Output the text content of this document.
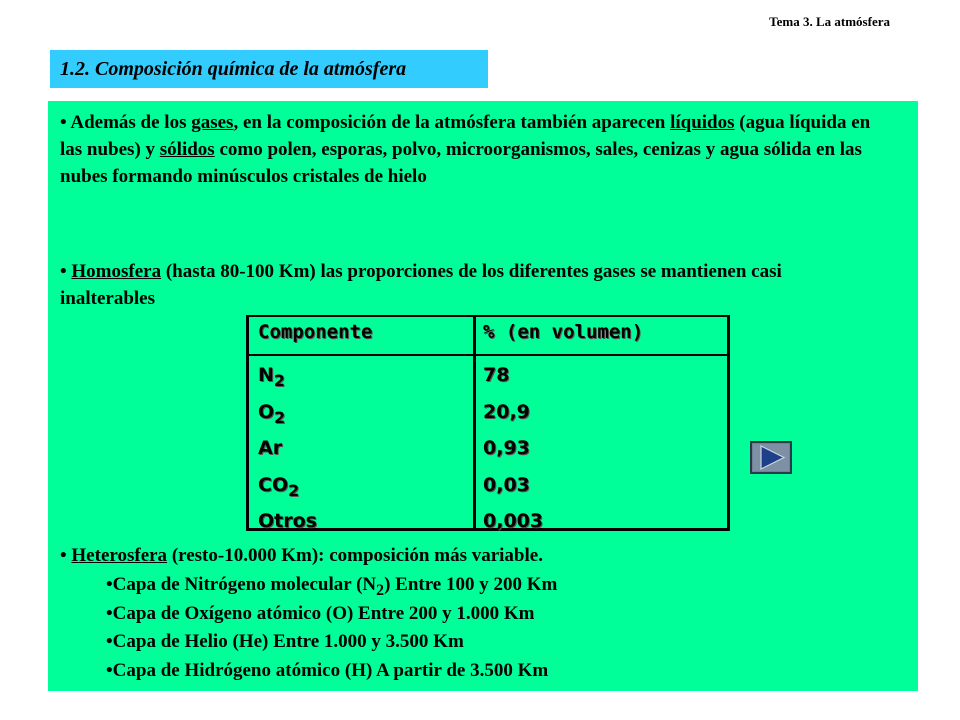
Tema 3. La atmósfera
1.2. Composición química de la atmósfera
• Además de los gases, en la composición de la atmósfera también aparecen líquidos (agua líquida en las nubes) y sólidos como polen, esporas, polvo, microorganismos, sales, cenizas y agua sólida en las nubes formando minúsculos cristales de hielo
• Homosfera (hasta 80-100 Km) las proporciones de los diferentes gases se mantienen casi inalterables
Componente	% (en volumen)
$N_2$
$O_2$
Ar
$CO_2$
Otros
78
20,9
0,93
0,03
0,003
• Heterosfera (resto-10.000 Km): composición más variable.
•Capa de Nitrógeno molecular $(N_2)$ Entre 100 y 200 Km
•Capa de Oxígeno atómico (O) Entre 200 y 1.000 Km
•Capa de Helio (He) Entre 1.000 y 3.500 Km
•Capa de Hidrógeno atómico (H) A partir de 3.500 Km
